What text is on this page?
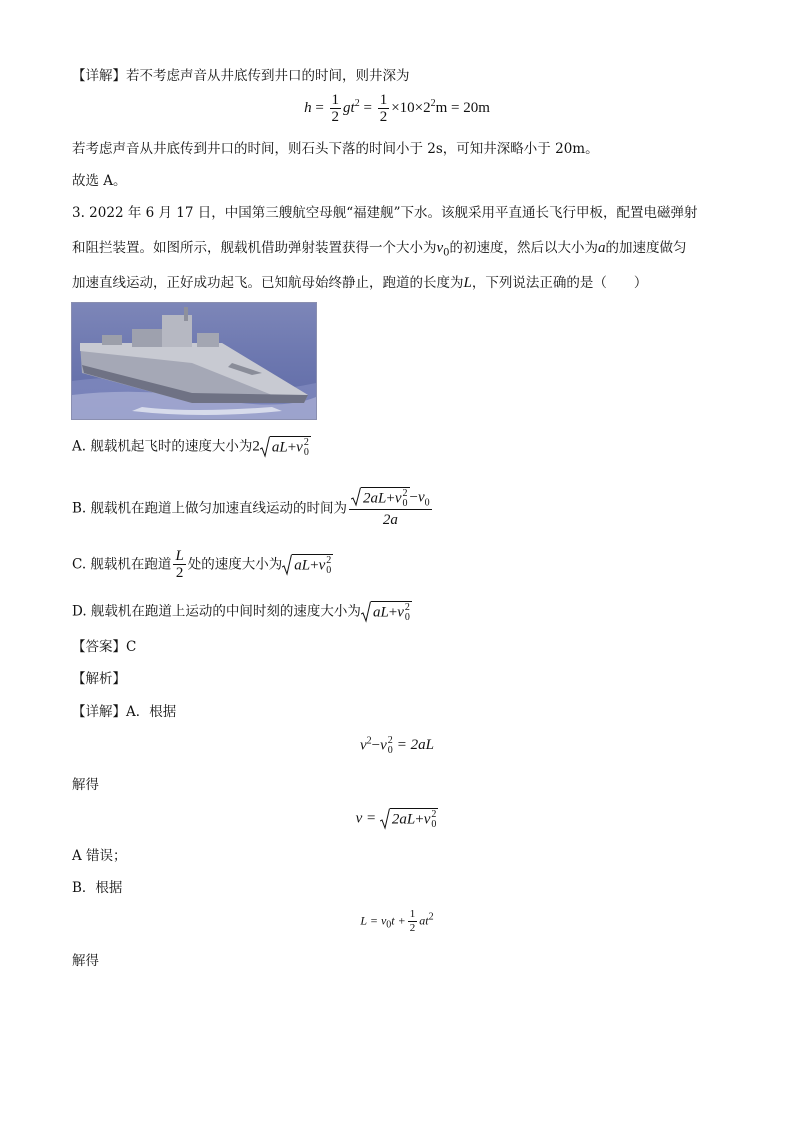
【详解】若不考虑声音从井底传到井口的时间，则井深为
$h = \frac{1}{2} gt^2 = \frac{1}{2} \times 10\times 2^2m = 20m$
若考虑声音从井底传到井口的时间，则石头下落的时间小于 2s，可知井深略小于 20m。
故选 A。
3. 2022 年 6 月 17 日，中国第三艘航空母舰“福建舰”下水。该舰采用平直通长飞行甲板，配置电磁弹射
和阻拦装置。如图所示，舰载机借助弹射装置获得一个大小为$v_0$的初速度，然后以大小为a的加速度做匀
加速直线运动，正好成功起飞。已知航母始终静止，跑道的长度为L，下列说法正确的是（　　）
A. 舰载机起飞时的速度大小为2 aL+v 2
0
B. 舰载机在跑道上做匀加速直线运动的时间为 2aL+v 2
$0 -v_0$
2a
C. 舰载机在跑道 $\frac{L}{2}$ 处的速度大小为 aL+v 2
0
D. 舰载机在跑道上运动的中间时刻的速度大小为 aL+v 2
0
【答案】C
【解析】
【详解】A．根据
$v^2-v$ 2
0 = 2aL
解得
v = 2aL+v 2
0
A 错误；
B．根据
$L = v_0t + \frac{1}{2} at^2$
解得
